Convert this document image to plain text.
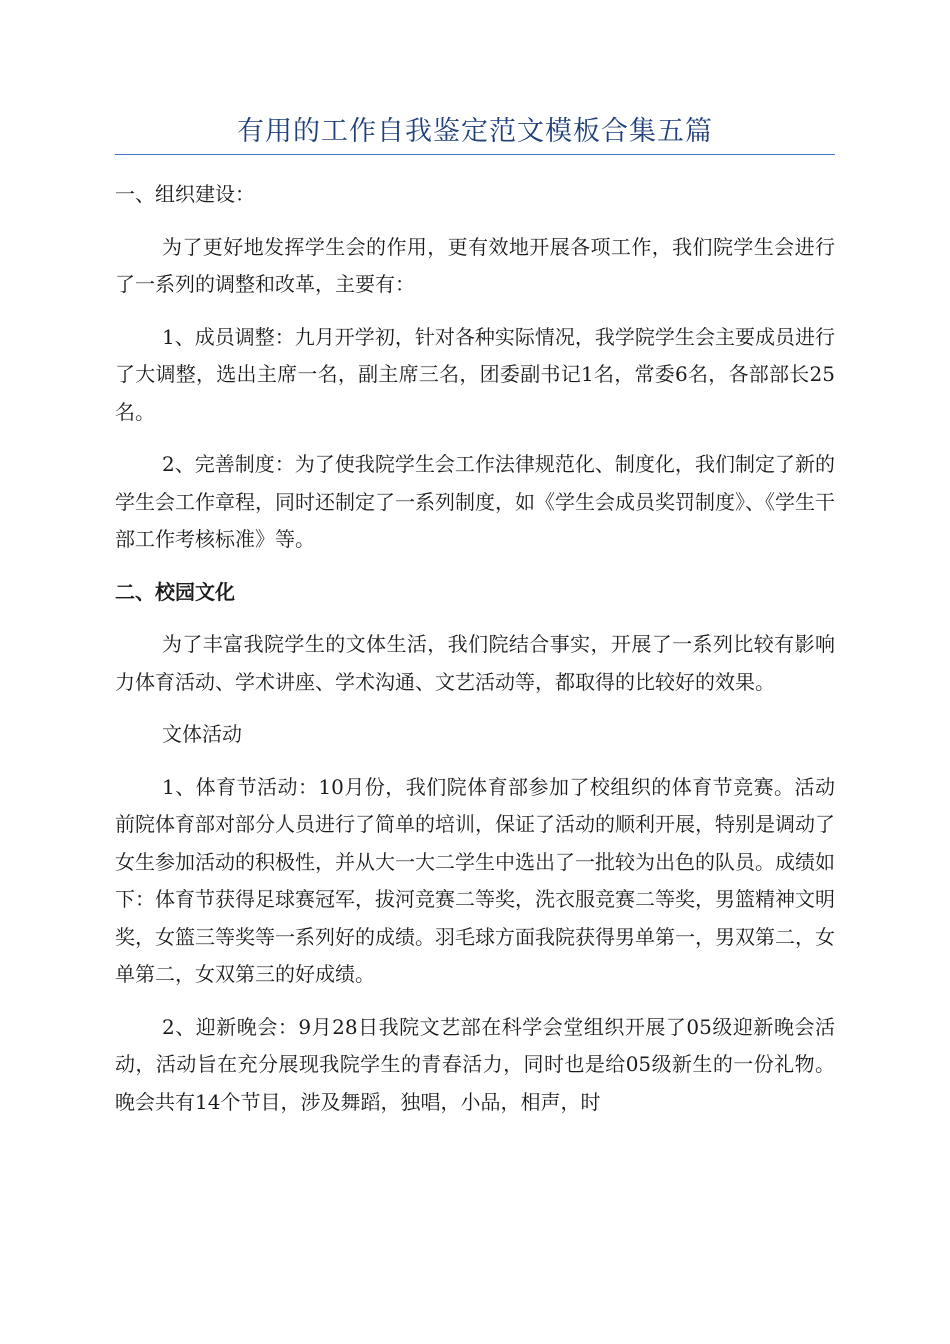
有用的工作自我鉴定范文模板合集五篇

一、组织建设：

为了更好地发挥学生会的作用，更有效地开展各项工作，我们院学生会进行了一系列的调整和改革，主要有：

1、成员调整：九月开学初，针对各种实际情况，我学院学生会主要成员进行了大调整，选出主席一名，副主席三名，团委副书记1名，常委6名，各部部长25名。

2、完善制度：为了使我院学生会工作法律规范化、制度化，我们制定了新的学生会工作章程，同时还制定了一系列制度，如《学生会成员奖罚制度》、《学生干部工作考核标准》等。

二、校园文化

为了丰富我院学生的文体生活，我们院结合事实，开展了一系列比较有影响力体育活动、学术讲座、学术沟通、文艺活动等，都取得的比较好的效果。

文体活动

1、体育节活动：10月份，我们院体育部参加了校组织的体育节竞赛。活动前院体育部对部分人员进行了简单的培训，保证了活动的顺利开展，特别是调动了女生参加活动的积极性，并从大一大二学生中选出了一批较为出色的队员。成绩如下：体育节获得足球赛冠军，拔河竞赛二等奖，洗衣服竞赛二等奖，男篮精神文明奖，女篮三等奖等一系列好的成绩。羽毛球方面我院获得男单第一，男双第二，女单第二，女双第三的好成绩。

2、迎新晚会：9月28日我院文艺部在科学会堂组织开展了05级迎新晚会活动，活动旨在充分展现我院学生的青春活力，同时也是给05级新生的一份礼物。晚会共有14个节目，涉及舞蹈，独唱，小品，相声，时
